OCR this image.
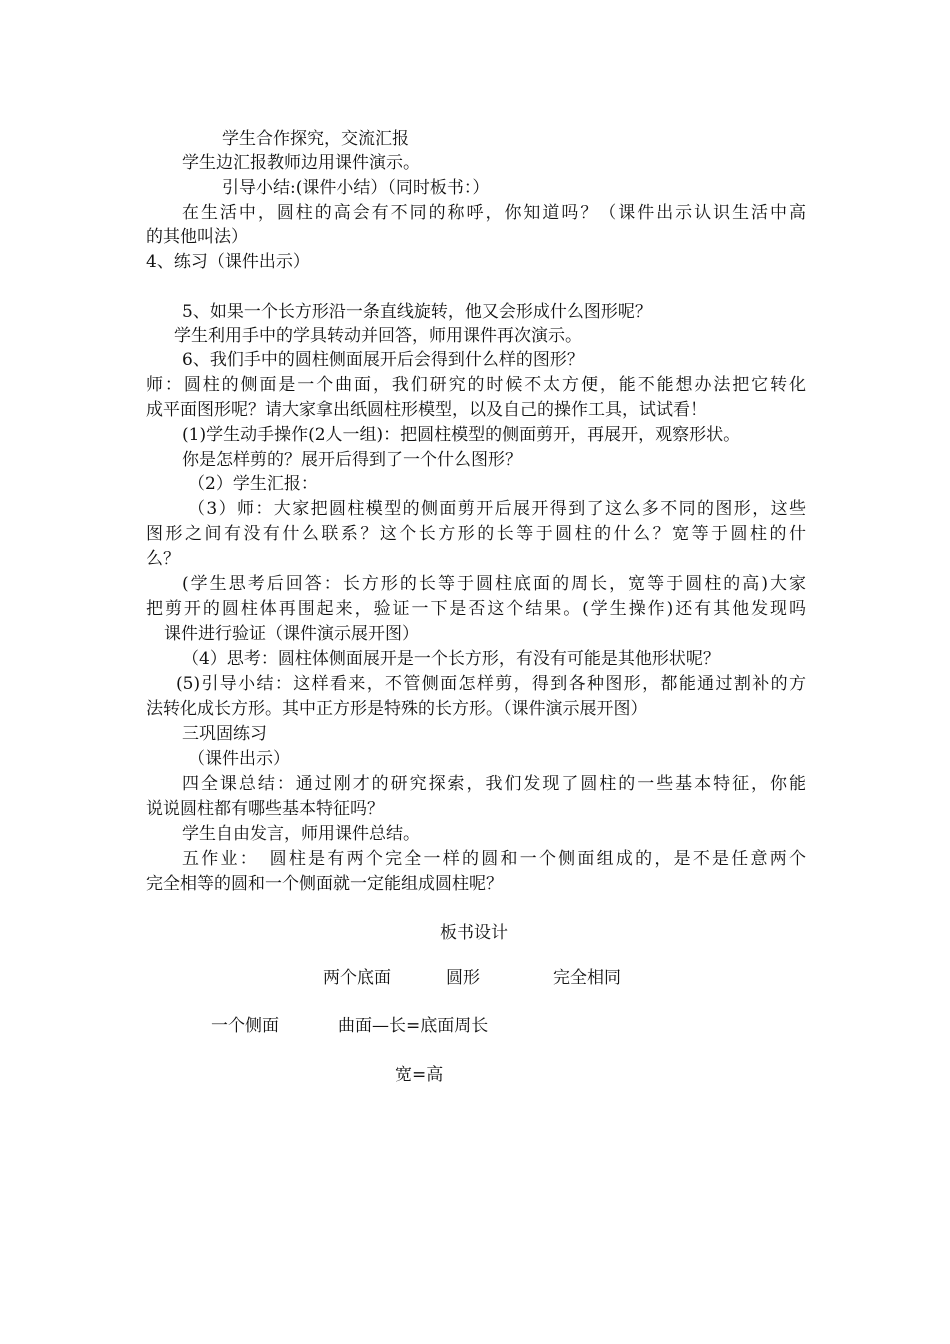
学生合作探究，交流汇报
学生边汇报教师边用课件演示。
引导小结:(课件小结）（同时板书：）
在生活中，圆柱的高会有不同的称呼，你知道吗？（课件出示认识生活中高
的其他叫法）
4、练习（课件出示）
5、如果一个长方形沿一条直线旋转，他又会形成什么图形呢？
学生利用手中的学具转动并回答，师用课件再次演示。
6、我们手中的圆柱侧面展开后会得到什么样的图形？
师：圆柱的侧面是一个曲面，我们研究的时候不太方便，能不能想办法把它转化
成平面图形呢？请大家拿出纸圆柱形模型，以及自己的操作工具，试试看！
(1)学生动手操作(2人一组)：把圆柱模型的侧面剪开，再展开，观察形状。
你是怎样剪的？展开后得到了一个什么图形？
（2）学生汇报：
（3）师：大家把圆柱模型的侧面剪开后展开得到了这么多不同的图形，这些
图形之间有没有什么联系？这个长方形的长等于圆柱的什么？宽等于圆柱的什
么？
(学生思考后回答：长方形的长等于圆柱底面的周长，宽等于圆柱的高)大家
把剪开的圆柱体再围起来，验证一下是否这个结果。(学生操作)还有其他发现吗
课件进行验证（课件演示展开图）
（4）思考：圆柱体侧面展开是一个长方形，有没有可能是其他形状呢？
(5)引导小结：这样看来，不管侧面怎样剪，得到各种图形，都能通过割补的方
法转化成长方形。其中正方形是特殊的长方形。（课件演示展开图）
三巩固练习
（课件出示）
四全课总结：通过刚才的研究探索，我们发现了圆柱的一些基本特征，你能
说说圆柱都有哪些基本特征吗？
学生自由发言，师用课件总结。
五作业：　圆柱是有两个完全一样的圆和一个侧面组成的，是不是任意两个
完全相等的圆和一个侧面就一定能组成圆柱呢？
板书设计
两个底面	圆形	完全相同
一个侧面	曲面—长=底面周长
宽=高
